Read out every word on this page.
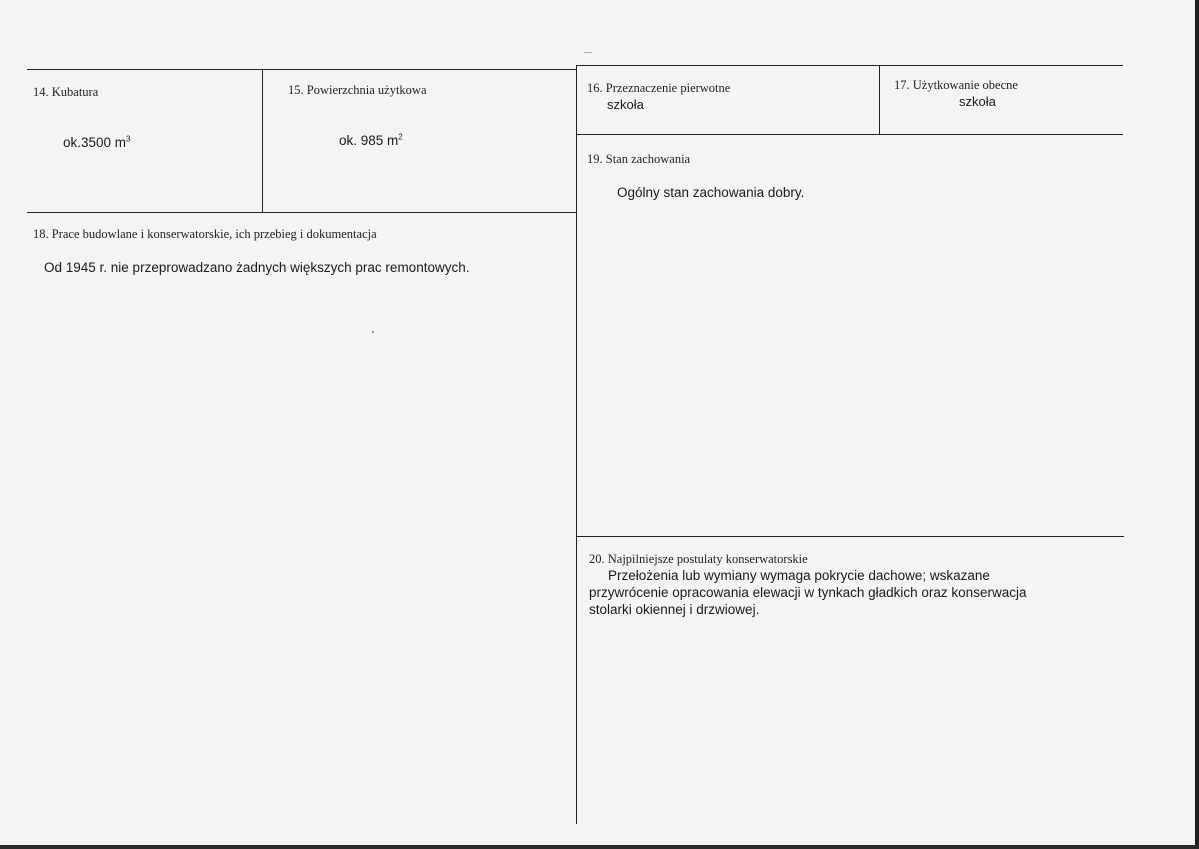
14. Kubatura
ok.3500 $m^3$
15. Powierzchnia użytkowa
ok. 985 $m^2$
16. Przeznaczenie pierwotne
szkoła
17. Użytkowanie obecne
szkoła
19. Stan zachowania
Ogólny stan zachowania dobry.
18. Prace budowlane i konserwatorskie, ich przebieg i dokumentacja
Od 1945 r. nie przeprowadzano żadnych większych prac remontowych.
20. Najpilniejsze postulaty konserwatorskie
Przełożenia lub wymiany wymaga pokrycie dachowe; wskazane
przywrócenie opracowania elewacji w tynkach gładkich oraz konserwacja
stolarki okiennej i drzwiowej.
